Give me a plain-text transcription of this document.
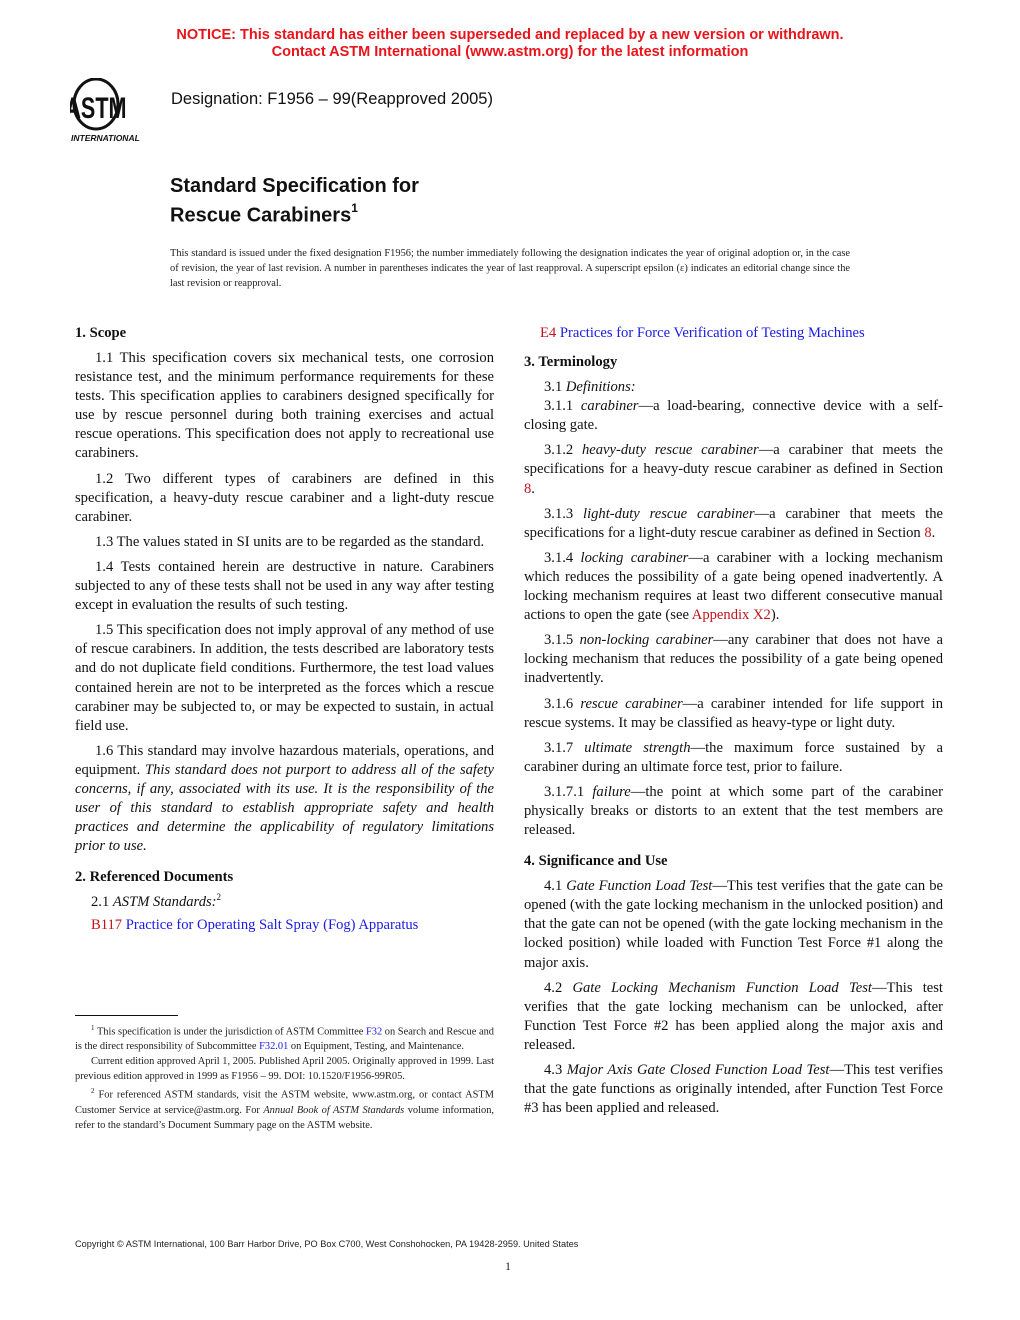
NOTICE: This standard has either been superseded and replaced by a new version or withdrawn.
Contact ASTM International (www.astm.org) for the latest information
ASTM
INTERNATIONAL
Designation: F1956 – 99(Reapproved 2005)
Standard Specification for
Rescue Carabiners$^1$
This standard is issued under the fixed designation F1956; the number immediately following the designation indicates the year of original adoption or, in the case of revision, the year of last revision. A number in parentheses indicates the year of last reapproval. A superscript epsilon (ε) indicates an editorial change since the last revision or reapproval.
1. Scope

1.1 This specification covers six mechanical tests, one corrosion resistance test, and the minimum performance requirements for these tests. This specification applies to carabiners designed specifically for use by rescue personnel during both training exercises and actual rescue operations. This specification does not apply to recreational use carabiners.

1.2 Two different types of carabiners are defined in this specification, a heavy-duty rescue carabiner and a light-duty rescue carabiner.

1.3 The values stated in SI units are to be regarded as the standard.

1.4 Tests contained herein are destructive in nature. Carabiners subjected to any of these tests shall not be used in any way after testing except in evaluation the results of such testing.

1.5 This specification does not imply approval of any method of use of rescue carabiners. In addition, the tests described are laboratory tests and do not duplicate field conditions. Furthermore, the test load values contained herein are not to be interpreted as the forces which a rescue carabiner may be subjected to, or may be expected to sustain, in actual field use.

1.6 This standard may involve hazardous materials, operations, and equipment. This standard does not purport to address all of the safety concerns, if any, associated with its use. It is the responsibility of the user of this standard to establish appropriate safety and health practices and determine the applicability of regulatory limitations prior to use.

2. Referenced Documents

2.1 ASTM Standards:$^2$

B117 Practice for Operating Salt Spray (Fog) Apparatus

$^1$ This specification is under the jurisdiction of ASTM Committee F32 on Search and Rescue and is the direct responsibility of Subcommittee F32.01 on Equipment, Testing, and Maintenance.

Current edition approved April 1, 2005. Published April 2005. Originally approved in 1999. Last previous edition approved in 1999 as F1956 – 99. DOI: 10.1520/F1956-99R05.

$^2$ For referenced ASTM standards, visit the ASTM website, www.astm.org, or contact ASTM Customer Service at service@astm.org. For Annual Book of ASTM Standards volume information, refer to the standard’s Document Summary page on the ASTM website.

E4 Practices for Force Verification of Testing Machines

3. Terminology

3.1 Definitions:

3.1.1 carabiner—a load-bearing, connective device with a self-closing gate.

3.1.2 heavy-duty rescue carabiner—a carabiner that meets the specifications for a heavy-duty rescue carabiner as defined in Section 8.

3.1.3 light-duty rescue carabiner—a carabiner that meets the specifications for a light-duty rescue carabiner as defined in Section 8.

3.1.4 locking carabiner—a carabiner with a locking mechanism which reduces the possibility of a gate being opened inadvertently. A locking mechanism requires at least two different consecutive manual actions to open the gate (see Appendix X2).

3.1.5 non-locking carabiner—any carabiner that does not have a locking mechanism that reduces the possibility of a gate being opened inadvertently.

3.1.6 rescue carabiner—a carabiner intended for life support in rescue systems. It may be classified as heavy-type or light duty.

3.1.7 ultimate strength—the maximum force sustained by a carabiner during an ultimate force test, prior to failure.

3.1.7.1 failure—the point at which some part of the carabiner physically breaks or distorts to an extent that the test members are released.

4. Significance and Use

4.1 Gate Function Load Test—This test verifies that the gate can be opened (with the gate locking mechanism in the unlocked position) and that the gate can not be opened (with the gate locking mechanism in the locked position) while loaded with Function Test Force #1 along the major axis.

4.2 Gate Locking Mechanism Function Load Test—This test verifies that the gate locking mechanism can be unlocked, after Function Test Force #2 has been applied along the major axis and released.

4.3 Major Axis Gate Closed Function Load Test—This test verifies that the gate functions as originally intended, after Function Test Force #3 has been applied and released.

Copyright © ASTM International, 100 Barr Harbor Drive, PO Box C700, West Conshohocken, PA 19428-2959. United States
1
